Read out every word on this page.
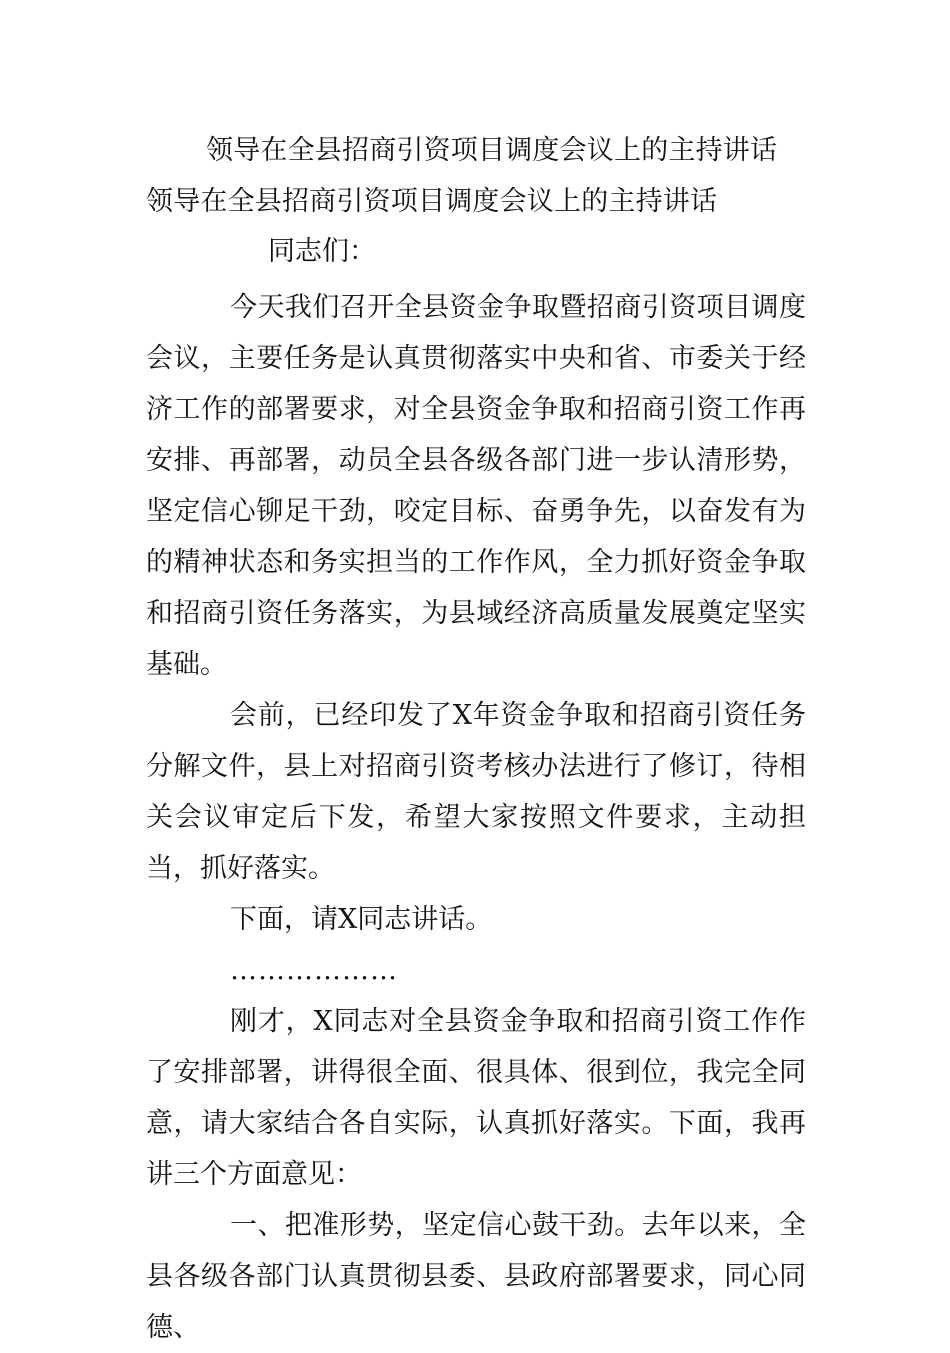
领导在全县招商引资项目调度会议上的主持讲话
领导在全县招商引资项目调度会议上的主持讲话
同志们：

今天我们召开全县资金争取暨招商引资项目调度会议，主要任务是认真贯彻落实中央和省、市委关于经济工作的部署要求，对全县资金争取和招商引资工作再安排、再部署，动员全县各级各部门进一步认清形势，坚定信心铆足干劲，咬定目标、奋勇争先，以奋发有为的精神状态和务实担当的工作作风，全力抓好资金争取和招商引资任务落实，为县域经济高质量发展奠定坚实基础。

会前，已经印发了X年资金争取和招商引资任务分解文件，县上对招商引资考核办法进行了修订，待相关会议审定后下发，希望大家按照文件要求，主动担当，抓好落实。

下面，请X同志讲话。

………………

刚才，X同志对全县资金争取和招商引资工作作了安排部署，讲得很全面、很具体、很到位，我完全同意，请大家结合各自实际，认真抓好落实。下面，我再讲三个方面意见：

一、把准形势，坚定信心鼓干劲。去年以来，全县各级各部门认真贯彻县委、县政府部署要求，同心同德、
